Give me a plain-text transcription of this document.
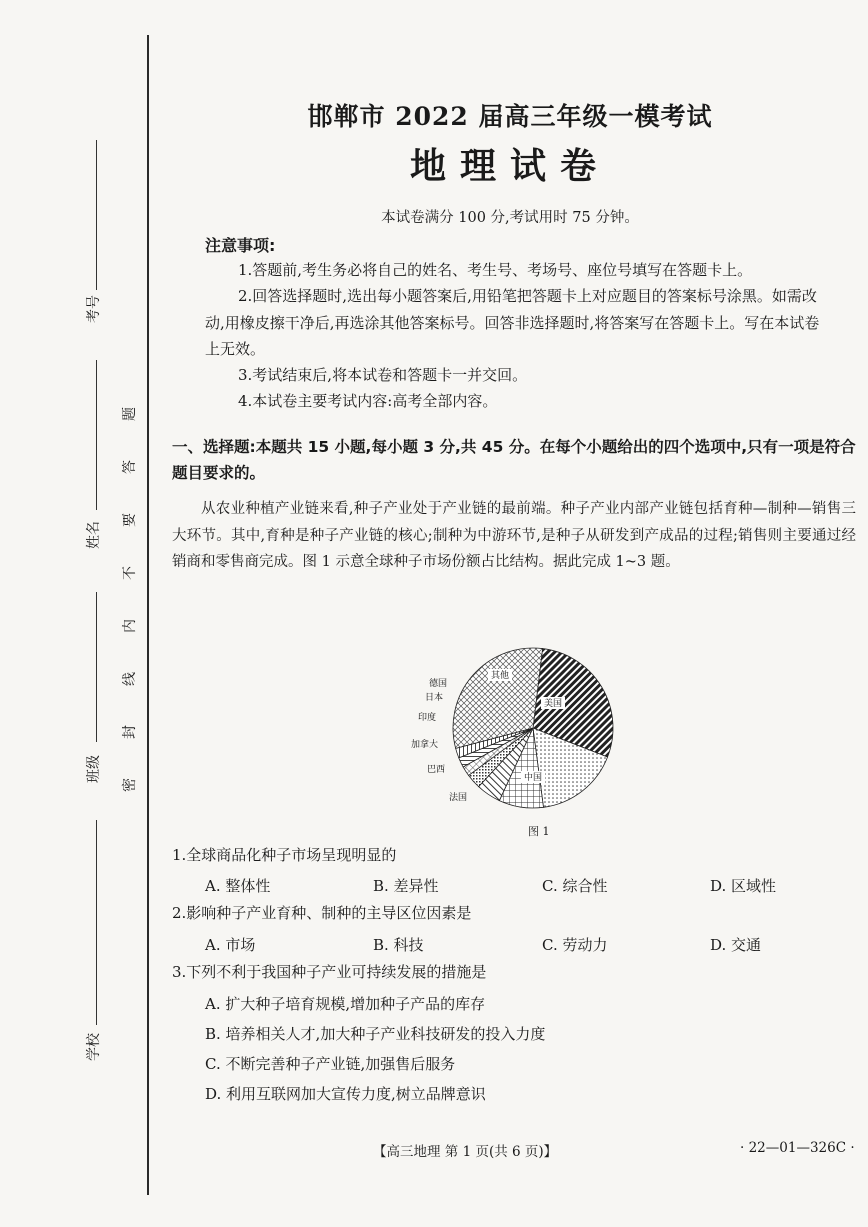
考号
姓名
班级
学校
密
封
线
内
不
要
答
题
邯郸市 2022 届高三年级一模考试
地理试卷
本试卷满分 100 分,考试用时 75 分钟。
注意事项:
1.答题前,考生务必将自己的姓名、考生号、考场号、座位号填写在答题卡上。
2.回答选择题时,选出每小题答案后,用铅笔把答题卡上对应题目的答案标号涂黑。如需改动,用橡皮擦干净后,再选涂其他答案标号。回答非选择题时,将答案写在答题卡上。写在本试卷上无效。
3.考试结束后,将本试卷和答题卡一并交回。
4.本试卷主要考试内容:高考全部内容。
一、选择题:本题共 15 小题,每小题 3 分,共 45 分。在每个小题给出的四个选项中,只有一项是符合题目要求的。
从农业种植产业链来看,种子产业处于产业链的最前端。种子产业内部产业链包括育种—制种—销售三大环节。其中,育种是种子产业链的核心;制种为中游环节,是种子从研发到产成品的过程;销售则主要通过经销商和零售商完成。图 1 示意全球种子市场份额占比结构。据此完成 1~3 题。
美国
中国
法国
巴西
加拿大
印度
日本
德国
其他
图 1
1.全球商品化种子市场呈现明显的
A. 整体性	B. 差异性	C. 综合性	D. 区域性
2.影响种子产业育种、制种的主导区位因素是
A. 市场	B. 科技	C. 劳动力	D. 交通
3.下列不利于我国种子产业可持续发展的措施是
A. 扩大种子培育规模,增加种子产品的库存
B. 培养相关人才,加大种子产业科技研发的投入力度
C. 不断完善种子产业链,加强售后服务
D. 利用互联网加大宣传力度,树立品牌意识
【高三地理 第 1 页(共 6 页)】	· 22—01—326C ·
